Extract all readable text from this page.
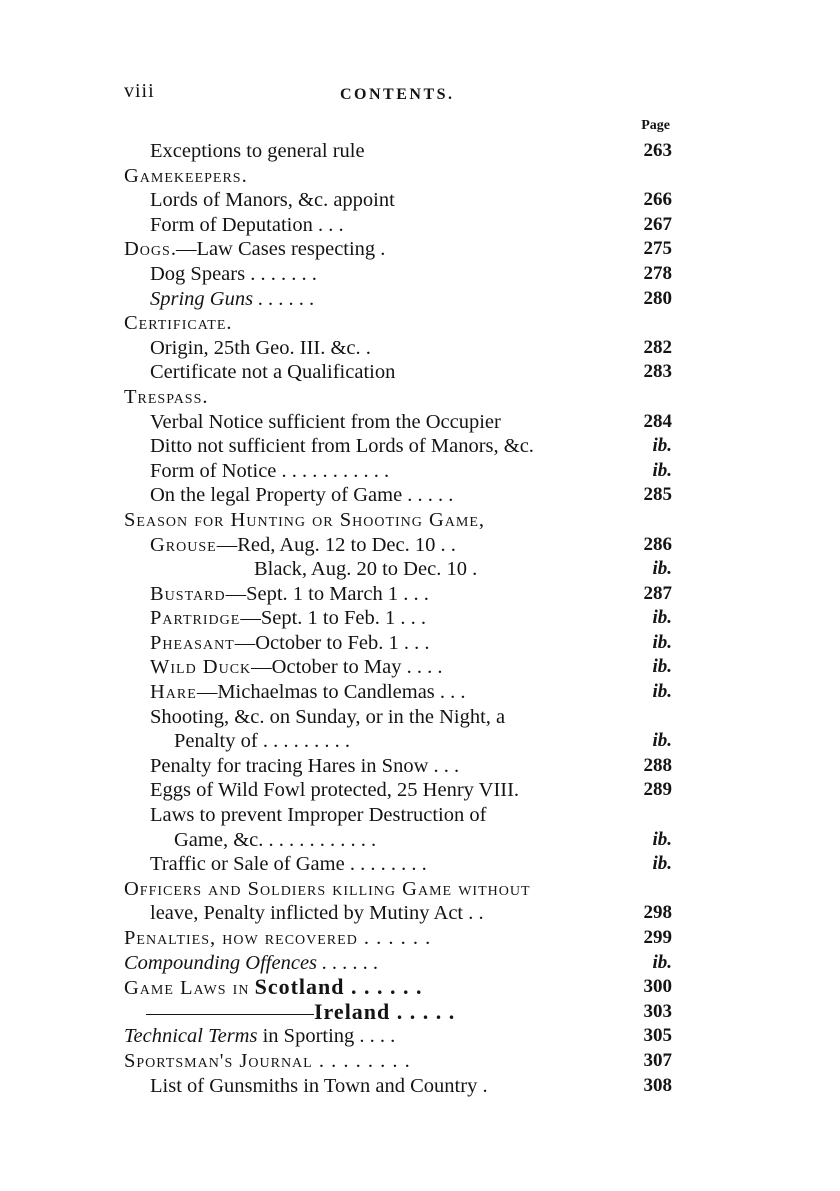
viii	CONTENTS.
Page
Exceptions to general rule	263
Gamekeepers.
Lords of Manors, &c. appoint	266
Form of Deputation . . .	267
Dogs.—Law Cases respecting .	275
Dog Spears . . . . . . .	278
Spring Guns . . . . . .	280
Certificate.
Origin, 25th Geo. III. &c. .	282
Certificate not a Qualification	283
Trespass.
Verbal Notice sufficient from the Occupier	284
Ditto not sufficient from Lords of Manors, &c.	ib.
Form of Notice . . . . . . . . . . .	ib.
On the legal Property of Game . . . . .	285
Season for Hunting or Shooting Game,
Grouse—Red, Aug. 12 to Dec. 10 . .	286
Black, Aug. 20 to Dec. 10 .	ib.
Bustard—Sept. 1 to March 1 . . .	287
Partridge—Sept. 1 to Feb. 1 . . .	ib.
Pheasant—October to Feb. 1 . . .	ib.
Wild Duck—October to May . . . .	ib.
Hare—Michaelmas to Candlemas . . .	ib.
Shooting, &c. on Sunday, or in the Night, a
Penalty of . . . . . . . . .	ib.
Penalty for tracing Hares in Snow . . .	288
Eggs of Wild Fowl protected, 25 Henry VIII.	289
Laws to prevent Improper Destruction of
Game, &c. . . . . . . . . . . .	ib.
Traffic or Sale of Game . . . . . . . .	ib.
Officers and Soldiers killing Game without
leave, Penalty inflicted by Mutiny Act . .	298
Penalties, how recovered . . . . . .	299
Compounding Offences . . . . . .	ib.
Game Laws in Scotland . . . . . .	300
Ireland . . . . .	303
Technical Terms in Sporting . . . .	305
Sportsman's Journal . . . . . . . .	307
List of Gunsmiths in Town and Country .	308
